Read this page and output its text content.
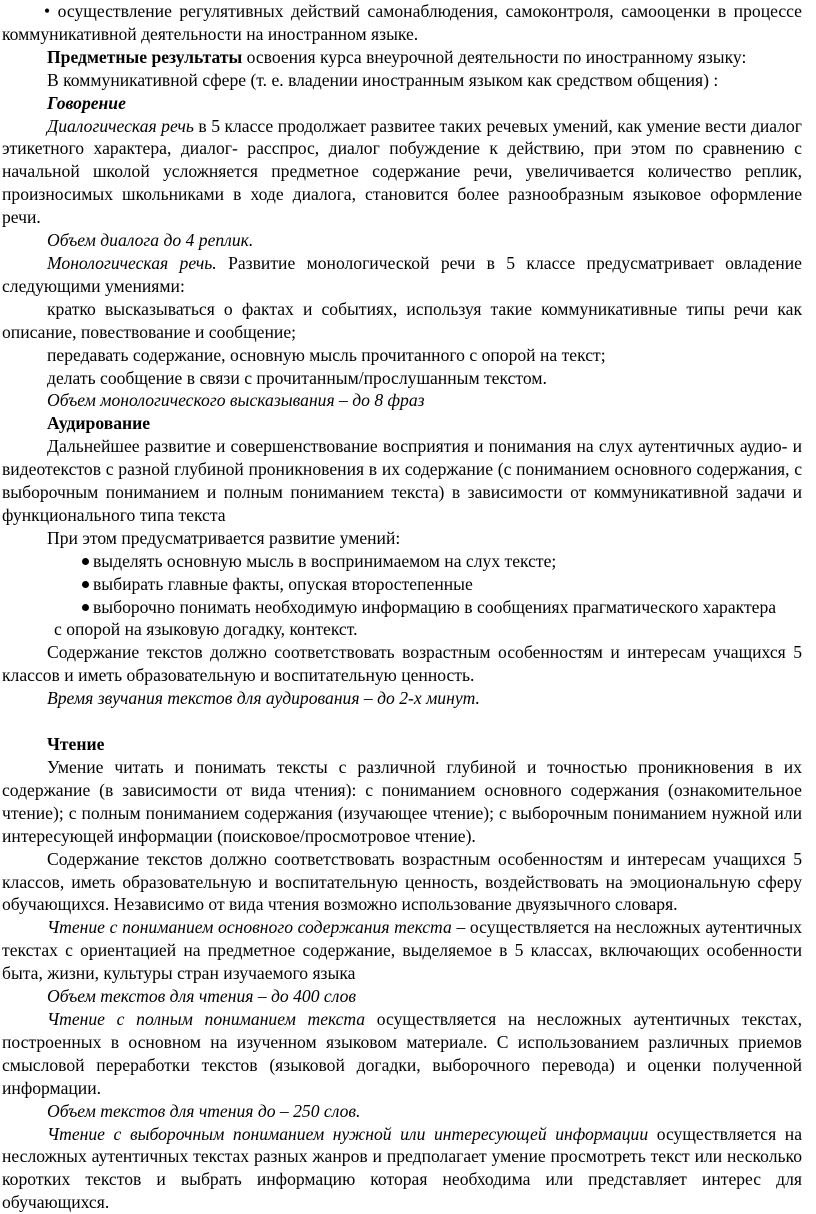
• осуществление регулятивных действий самонаблюдения, самоконтроля, самооценки в процессе коммуникативной деятельности на иностранном языке.

Предметные результаты освоения курса внеурочной деятельности по иностранному языку:

В коммуникативной сфере (т. е. владении иностранным языком как средством общения) :

Говорение

Диалогическая речь в 5 классе продолжает развитее таких речевых умений, как умение вести диалог этикетного характера, диалог- расспрос, диалог побуждение к действию, при этом по сравнению с начальной школой усложняется предметное содержание речи, увеличивается количество реплик, произносимых школьниками в ходе диалога, становится более разнообразным языковое оформление речи.

Объем диалога до 4 реплик.

Монологическая речь. Развитие монологической речи в 5 классе предусматривает овладение следующими умениями:

кратко высказываться о фактах и событиях, используя такие коммуникативные типы речи как описание, повествование и сообщение;

передавать содержание, основную мысль прочитанного с опорой на текст;

делать сообщение в связи с прочитанным/прослушанным текстом.

Объем монологического высказывания – до 8 фраз

Аудирование

Дальнейшее развитие и совершенствование восприятия и понимания на слух аутентичных аудио- и видеотекстов с разной глубиной проникновения в их содержание (с пониманием основного содержания, с выборочным пониманием и полным пониманием текста) в зависимости от коммуникативной задачи и функционального типа текста

При этом предусматривается развитие умений:

выделять основную мысль в воспринимаемом на слух тексте;

выбирать главные факты, опуская второстепенные

выборочно понимать необходимую информацию в сообщениях прагматического характера

с опорой на языковую догадку, контекст.

Содержание текстов должно соответствовать возрастным особенностям и интересам учащихся 5 классов и иметь образовательную и воспитательную ценность.

Время звучания текстов для аудирования – до 2-х минут.

Чтение

Умение читать и понимать тексты с различной глубиной и точностью проникновения в их содержание (в зависимости от вида чтения): с пониманием основного содержания (ознакомительное чтение); с полным пониманием содержания (изучающее чтение); с выборочным пониманием нужной или интересующей информации (поисковое/просмотровое чтение).

Содержание текстов должно соответствовать возрастным особенностям и интересам учащихся 5 классов, иметь образовательную и воспитательную ценность, воздействовать на эмоциональную сферу обучающихся. Независимо от вида чтения возможно использование двуязычного словаря.

Чтение с пониманием основного содержания текста – осуществляется на несложных аутентичных текстах с ориентацией на предметное содержание, выделяемое в 5 классах, включающих особенности быта, жизни, культуры стран изучаемого языка

Объем текстов для чтения – до 400 слов

Чтение с полным пониманием текста осуществляется на несложных аутентичных текстах, построенных в основном на изученном языковом материале. С использованием различных приемов смысловой переработки текстов (языковой догадки, выборочного перевода) и оценки полученной информации.

Объем текстов для чтения до – 250 слов.

Чтение с выборочным пониманием нужной или интересующей информации осуществляется на несложных аутентичных текстах разных жанров и предполагает умение просмотреть текст или несколько коротких текстов и выбрать информацию которая необходима или представляет интерес для обучающихся.
